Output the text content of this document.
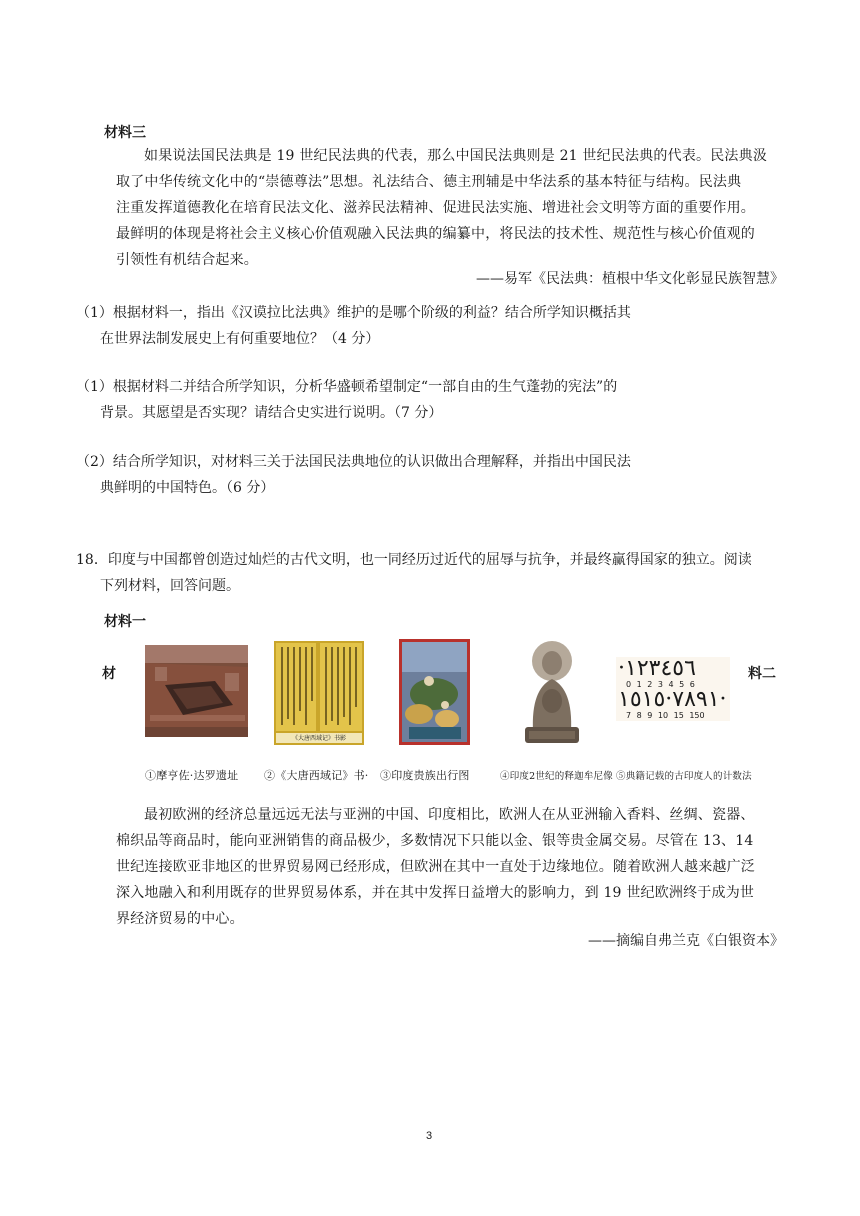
材料三

如果说法国民法典是 19 世纪民法典的代表，那么中国民法典则是 21 世纪民法典的代表。民法典汲

取了中华传统文化中的“崇德尊法”思想。礼法结合、德主刑辅是中华法系的基本特征与结构。民法典

注重发挥道德教化在培育民法文化、滋养民法精神、促进民法实施、增进社会文明等方面的重要作用。

最鲜明的体现是将社会主义核心价值观融入民法典的编纂中，将民法的技术性、规范性与核心价值观的

引领性有机结合起来。

——易军《民法典：植根中华文化彰显民族智慧》

（1）根据材料一，指出《汉谟拉比法典》维护的是哪个阶级的利益？结合所学知识概括其

在世界法制发展史上有何重要地位？（4 分）

（1）根据材料二并结合所学知识，分析华盛顿希望制定“一部自由的生气蓬勃的宪法”的

背景。其愿望是否实现？请结合史实进行说明。（7 分）

（2）结合所学知识，对材料三关于法国民法典地位的认识做出合理解释，并指出中国民法

典鲜明的中国特色。（6 分）

18．印度与中国都曾创造过灿烂的古代文明，也一同经历过近代的屈辱与抗争，并最终赢得国家的独立。阅读

下列材料，回答问题。

材料一
材	料二
《大唐西域记》书影
·١٢٣٤٥٦
0 1 2 3 4 5 6
٧٨٩١·١٥١٥·
7 8 9 10 15 150
①摩亨佐·达罗遗址 ②《大唐西域记》书· ③印度贵族出行图	④印度2世纪的释迦牟尼像 ⑤典籍记载的古印度人的计数法

最初欧洲的经济总量远远无法与亚洲的中国、印度相比，欧洲人在从亚洲输入香料、丝绸、瓷器、

棉织品等商品时，能向亚洲销售的商品极少，多数情况下只能以金、银等贵金属交易。尽管在 13、14

世纪连接欧亚非地区的世界贸易网已经形成，但欧洲在其中一直处于边缘地位。随着欧洲人越来越广泛

深入地融入和利用既存的世界贸易体系，并在其中发挥日益增大的影响力，到 19 世纪欧洲终于成为世

界经济贸易的中心。

——摘编自弗兰克《白银资本》
3
